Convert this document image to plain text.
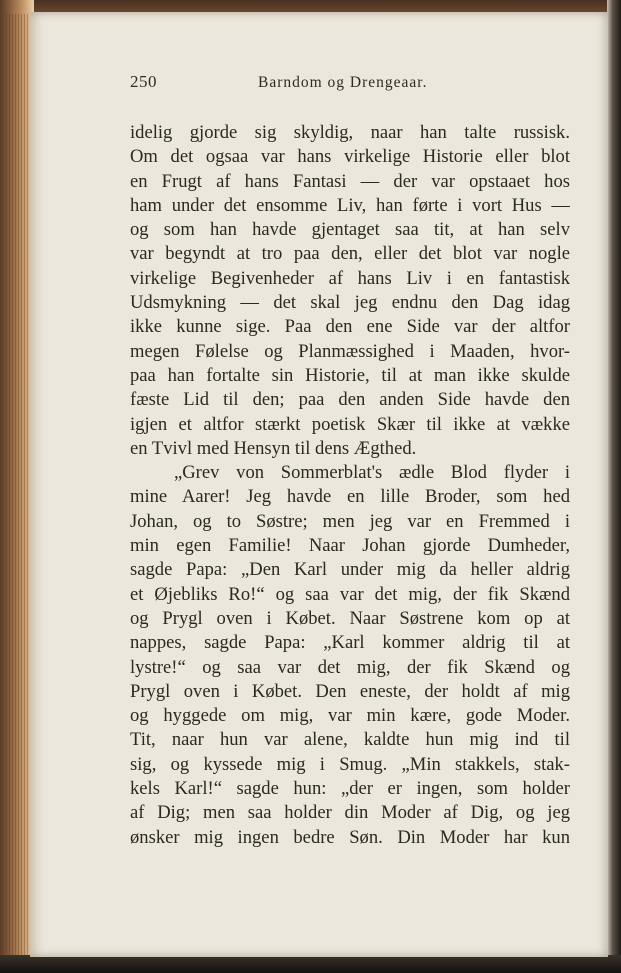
250	Barndom og Drengeaar.
idelig gjorde sig skyldig, naar han talte russisk.
Om det ogsaa var hans virkelige Historie eller blot
en Frugt af hans Fantasi — der var opstaaet hos
ham under det ensomme Liv, han førte i vort Hus —
og som han havde gjentaget saa tit, at han selv
var begyndt at tro paa den, eller det blot var nogle
virkelige Begivenheder af hans Liv i en fantastisk
Udsmykning — det skal jeg endnu den Dag idag
ikke kunne sige. Paa den ene Side var der altfor
megen Følelse og Planmæssighed i Maaden, hvor-
paa han fortalte sin Historie, til at man ikke skulde
fæste Lid til den; paa den anden Side havde den
igjen et altfor stærkt poetisk Skær til ikke at vække
en Tvivl med Hensyn til dens Ægthed.
„Grev von Sommerblat's ædle Blod flyder i
mine Aarer! Jeg havde en lille Broder, som hed
Johan, og to Søstre; men jeg var en Fremmed i
min egen Familie! Naar Johan gjorde Dumheder,
sagde Papa: „Den Karl under mig da heller aldrig
et Øjebliks Ro!“ og saa var det mig, der fik Skænd
og Prygl oven i Købet. Naar Søstrene kom op at
nappes, sagde Papa: „Karl kommer aldrig til at
lystre!“ og saa var det mig, der fik Skænd og
Prygl oven i Købet. Den eneste, der holdt af mig
og hyggede om mig, var min kære, gode Moder.
Tit, naar hun var alene, kaldte hun mig ind til
sig, og kyssede mig i Smug. „Min stakkels, stak-
kels Karl!“ sagde hun: „der er ingen, som holder
af Dig; men saa holder din Moder af Dig, og jeg
ønsker mig ingen bedre Søn. Din Moder har kun
